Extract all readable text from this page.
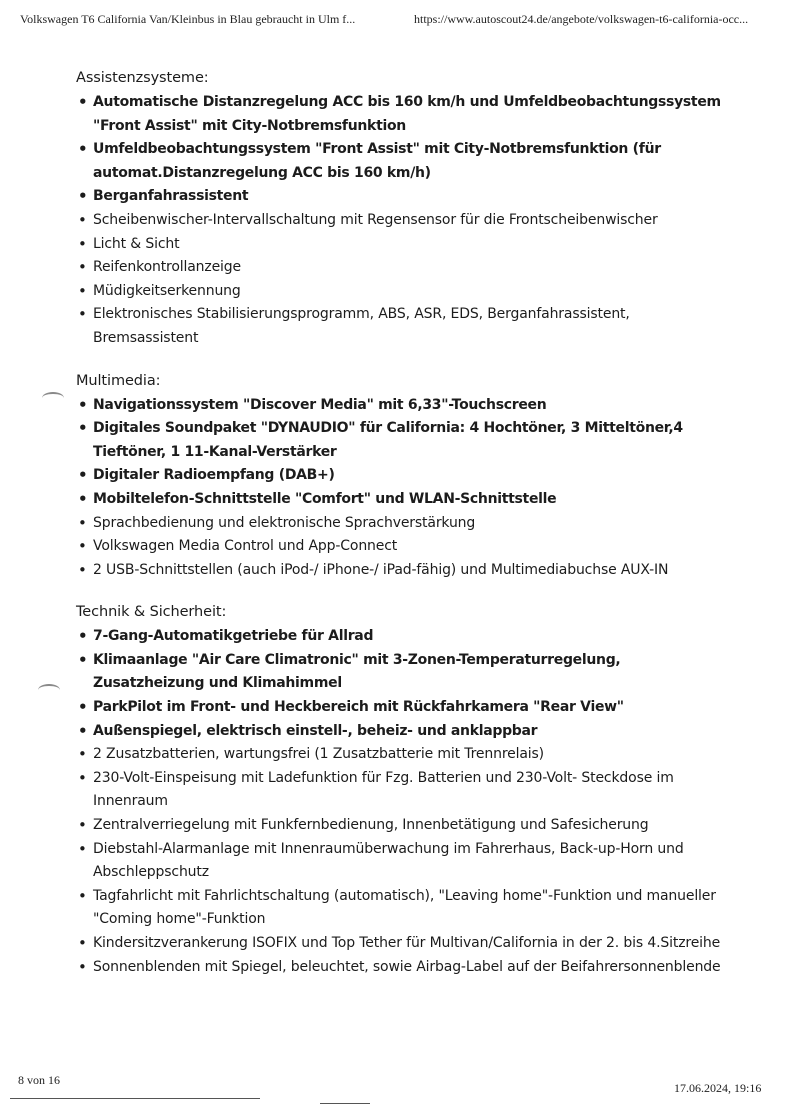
Volkswagen T6 California Van/Kleinbus in Blau gebraucht in Ulm f...	https://www.autoscout24.de/angebote/volkswagen-t6-california-occ...
Assistenzsysteme:
• Automatische Distanzregelung ACC bis 160 km/h und Umfeldbeobachtungssystem "Front Assist" mit City-Notbremsfunktion
• Umfeldbeobachtungssystem "Front Assist" mit City-Notbremsfunktion (für automat.Distanzregelung ACC bis 160 km/h)
• Berganfahrassistent
• Scheibenwischer-Intervallschaltung mit Regensensor für die Frontscheibenwischer
• Licht & Sicht
• Reifenkontrollanzeige
• Müdigkeitserkennung
• Elektronisches Stabilisierungsprogramm, ABS, ASR, EDS, Berganfahrassistent, Bremsassistent
Multimedia:
• Navigationssystem "Discover Media" mit 6,33"-Touchscreen
• Digitales Soundpaket "DYNAUDIO" für California: 4 Hochtöner, 3 Mitteltöner,4 Tieftöner, 1 11-Kanal-Verstärker
• Digitaler Radioempfang (DAB+)
• Mobiltelefon-Schnittstelle "Comfort" und WLAN-Schnittstelle
• Sprachbedienung und elektronische Sprachverstärkung
• Volkswagen Media Control und App-Connect
• 2 USB-Schnittstellen (auch iPod-/ iPhone-/ iPad-fähig) und Multimediabuchse AUX-IN
Technik & Sicherheit:
• 7-Gang-Automatikgetriebe für Allrad
• Klimaanlage "Air Care Climatronic" mit 3-Zonen-Temperaturregelung, Zusatzheizung und Klimahimmel
• ParkPilot im Front- und Heckbereich mit Rückfahrkamera "Rear View"
• Außenspiegel, elektrisch einstell-, beheiz- und anklappbar
• 2 Zusatzbatterien, wartungsfrei (1 Zusatzbatterie mit Trennrelais)
• 230-Volt-Einspeisung mit Ladefunktion für Fzg. Batterien und 230-Volt- Steckdose im Innenraum
• Zentralverriegelung mit Funkfernbedienung, Innenbetätigung und Safesicherung
• Diebstahl-Alarmanlage mit Innenraumüberwachung im Fahrerhaus, Back-up-Horn und Abschleppschutz
• Tagfahrlicht mit Fahrlichtschaltung (automatisch), "Leaving home"-Funktion und manueller "Coming home"-Funktion
• Kindersitzverankerung ISOFIX und Top Tether für Multivan/California in der 2. bis 4.Sitzreihe
• Sonnenblenden mit Spiegel, beleuchtet, sowie Airbag-Label auf der Beifahrersonnenblende
8 von 16
17.06.2024, 19:16
